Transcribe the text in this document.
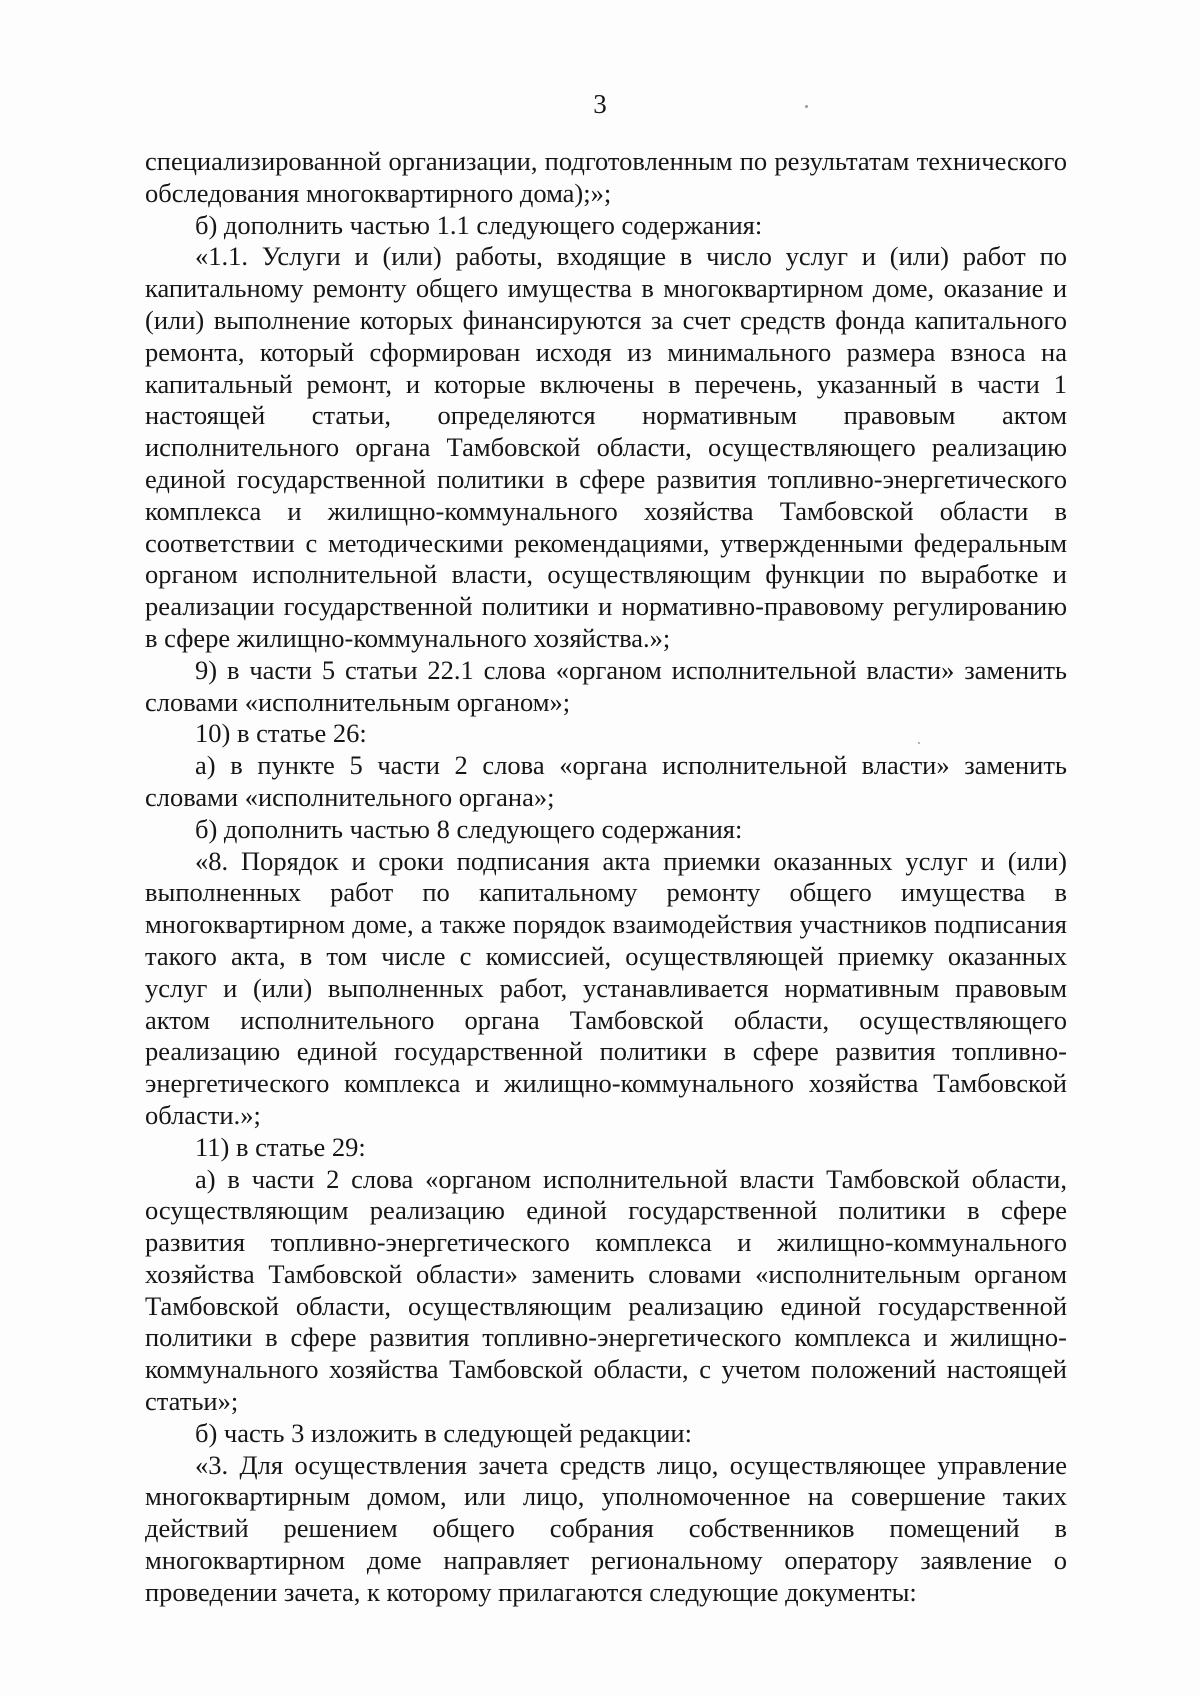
3

специализированной организации, подготовленным по результатам технического обследования многоквартирного дома);»;

б) дополнить частью 1.1 следующего содержания:

«1.1. Услуги и (или) работы, входящие в число услуг и (или) работ по капитальному ремонту общего имущества в многоквартирном доме, оказание и (или) выполнение которых финансируются за счет средств фонда капитального ремонта, который сформирован исходя из минимального размера взноса на капитальный ремонт, и которые включены в перечень, указанный в части 1 настоящей статьи, определяются нормативным правовым актом исполнительного органа Тамбовской области, осуществляющего реализацию единой государственной политики в сфере развития топливно-энергетического комплекса и жилищно-коммунального хозяйства Тамбовской области в соответствии с методическими рекомендациями, утвержденными федеральным органом исполнительной власти, осуществляющим функции по выработке и реализации государственной политики и нормативно-правовому регулированию в сфере жилищно-коммунального хозяйства.»;

9) в части 5 статьи 22.1 слова «органом исполнительной власти» заменить словами «исполнительным органом»;

10) в статье 26:

а) в пункте 5 части 2 слова «органа исполнительной власти» заменить словами «исполнительного органа»;

б) дополнить частью 8 следующего содержания:

«8. Порядок и сроки подписания акта приемки оказанных услуг и (или) выполненных работ по капитальному ремонту общего имущества в многоквартирном доме, а также порядок взаимодействия участников подписания такого акта, в том числе с комиссией, осуществляющей приемку оказанных услуг и (или) выполненных работ, устанавливается нормативным правовым актом исполнительного органа Тамбовской области, осуществляющего реализацию единой государственной политики в сфере развития топливно-энергетического комплекса и жилищно-коммунального хозяйства Тамбовской области.»;

11) в статье 29:

а) в части 2 слова «органом исполнительной власти Тамбовской области, осуществляющим реализацию единой государственной политики в сфере развития топливно-энергетического комплекса и жилищно-коммунального хозяйства Тамбовской области» заменить словами «исполнительным органом Тамбовской области, осуществляющим реализацию единой государственной политики в сфере развития топливно-энергетического комплекса и жилищно-коммунального хозяйства Тамбовской области, с учетом положений настоящей статьи»;

б) часть 3 изложить в следующей редакции:

«3. Для осуществления зачета средств лицо, осуществляющее управление многоквартирным домом, или лицо, уполномоченное на совершение таких действий решением общего собрания собственников помещений в многоквартирном доме направляет региональному оператору заявление о проведении зачета, к которому прилагаются следующие документы:
